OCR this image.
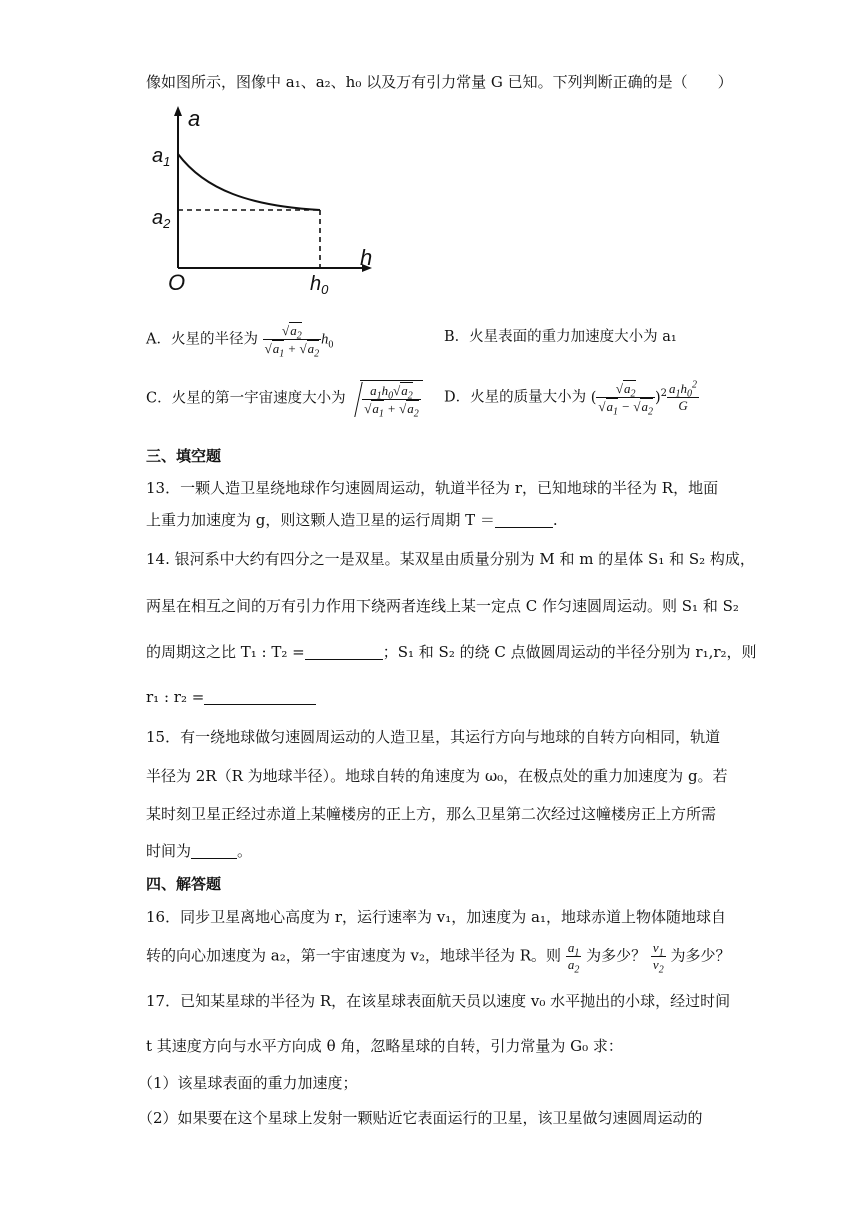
像如图所示，图像中 a₁、a₂、h₀ 以及万有引力常量 G 已知。下列判断正确的是（　　）
a
h
O
$a_1$
$a_2$
$h_0$
A．火星的半径为 $\frac{√a_2}{√a_1 + √a_2} h_0$	B．火星表面的重力加速度大小为 a₁
C．火星的第一宇宙速度大小为 $\frac{a_1h_0√a_2}{√a_1 + √a_2}$ D．火星的质量大小为 ( $\frac{√a_2}{√a_1 - √a_2} )^2 \frac{a_1h_0^2}{G}$
三、填空题
13．一颗人造卫星绕地球作匀速圆周运动，轨道半径为 r，已知地球的半径为 R，地面
上重力加速度为 g，则这颗人造卫星的运行周期 T ＝	.
14. 银河系中大约有四分之一是双星。某双星由质量分别为 M 和 m 的星体 S₁ 和 S₂ 构成，
两星在相互之间的万有引力作用下绕两者连线上某一定点 C 作匀速圆周运动。则 S₁ 和 S₂
的周期这之比 T₁ : T₂ =	；S₁ 和 S₂ 的绕 C 点做圆周运动的半径分别为 r₁,r₂，则
r₁ : r₂ =
15．有一绕地球做匀速圆周运动的人造卫星，其运行方向与地球的自转方向相同，轨道
半径为 2R（R 为地球半径）。地球自转的角速度为 ω₀，在极点处的重力加速度为 g。若
某时刻卫星正经过赤道上某幢楼房的正上方，那么卫星第二次经过这幢楼房正上方所需
时间为	。
四、解答题
16．同步卫星离地心高度为 r，运行速率为 v₁，加速度为 a₁，地球赤道上物体随地球自
转的向心加速度为 a₂，第一宇宙速度为 v₂，地球半径为 R。则 $\frac{a_1}{a_2}$ 为多少？ $\frac{v_1}{v_2}$ 为多少？
17．已知某星球的半径为 R，在该星球表面航天员以速度 v₀ 水平抛出的小球，经过时间
t 其速度方向与水平方向成 θ 角，忽略星球的自转，引力常量为 G₀ 求：
（1）该星球表面的重力加速度；
（2）如果要在这个星球上发射一颗贴近它表面运行的卫星，该卫星做匀速圆周运动的
